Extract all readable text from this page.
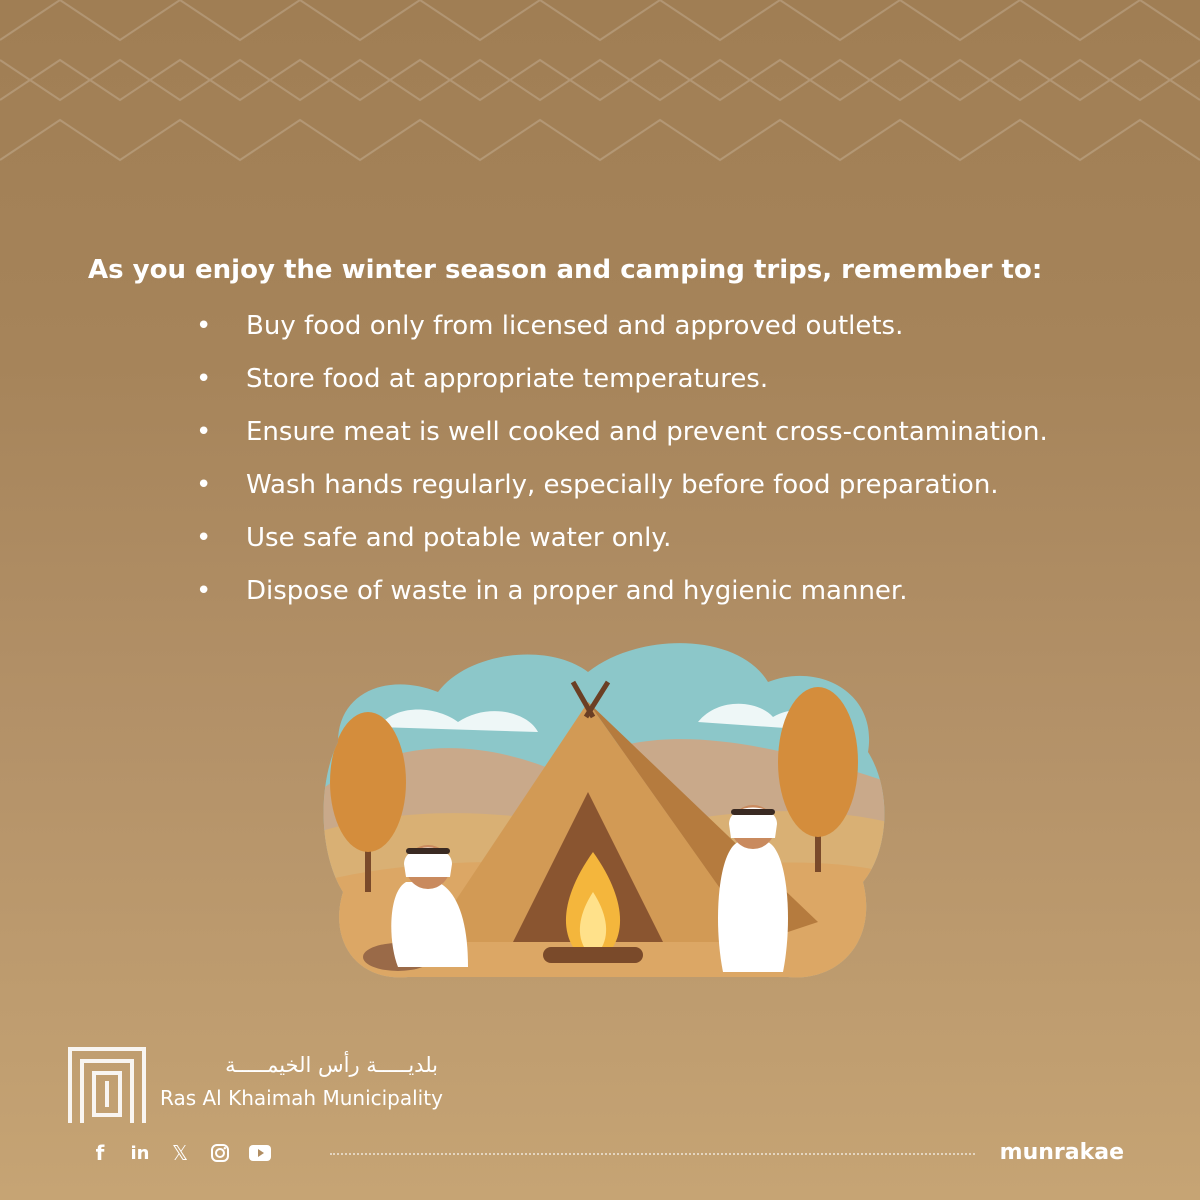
As you enjoy the winter season and camping trips, remember to:

• Buy food only from licensed and approved outlets.
• Store food at appropriate temperatures.
• Ensure meat is well cooked and prevent cross-contamination.
• Wash hands regularly, especially before food preparation.
• Use safe and potable water only.
• Dispose of waste in a proper and hygienic manner.
بلديـــــة رأس الخيمـــــة
Ras Al Khaimah Municipality
f in 𝕏	munrakae
